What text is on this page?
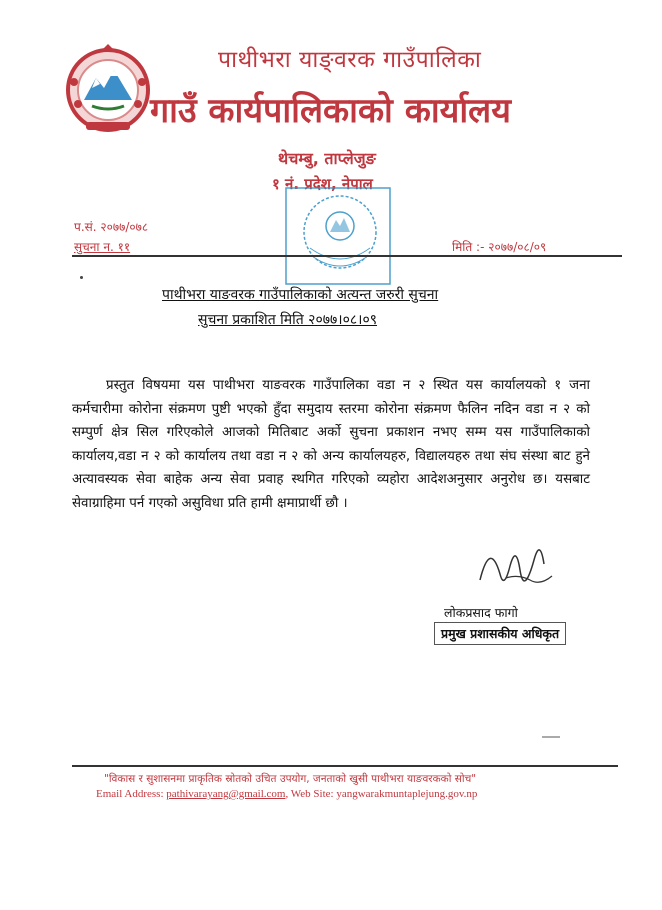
पाथीभरा याङ्वरक गाउँपालिका
गाउँ कार्यपालिकाको कार्यालय
थेचम्बु, ताप्लेजुङ
१ नं. प्रदेश, नेपाल
प.सं. २०७७/०७८
सुचना न. ११	मिति :- २०७७/०८/०९
पाथीभरा याङवरक गाउँपालिकाको अत्यन्त जरुरी सुचना
सुचना प्रकाशित मिति २०७७।०८।०९
प्रस्तुत विषयमा यस पाथीभरा याङवरक गाउँपालिका वडा न २ स्थित यस कार्यालयको १ जना कर्मचारीमा कोरोना संक्रमण पुष्टी भएको हुँदा समुदाय स्तरमा कोरोना संक्रमण फैलिन नदिन वडा न २ को सम्पुर्ण क्षेत्र सिल गरिएकोले आजको मितिबाट अर्को सुचना प्रकाशन नभए सम्म यस गाउँपालिकाको कार्यालय,वडा न २ को कार्यालय तथा वडा न २ को अन्य कार्यालयहरु, विद्यालयहरु तथा संघ संस्था बाट हुने अत्यावस्यक सेवा बाहेक अन्य सेवा प्रवाह स्थगित गरिएको व्यहोरा आदेशअनुसार अनुरोध छ। यसबाट सेवाग्राहिमा पर्न गएको असुविधा प्रति हामी क्षमाप्रार्थी छौ ।
लोकप्रसाद फागो
प्रमुख प्रशासकीय अधिकृत
"विकास र सुशासनमा प्राकृतिक स्रोतको उचित उपयोग, जनताको खुसी पाथीभरा याङवरकको सोच"
Email Address: pathivarayang@gmail.com, Web Site: yangwarakmuntaplejung.gov.np
